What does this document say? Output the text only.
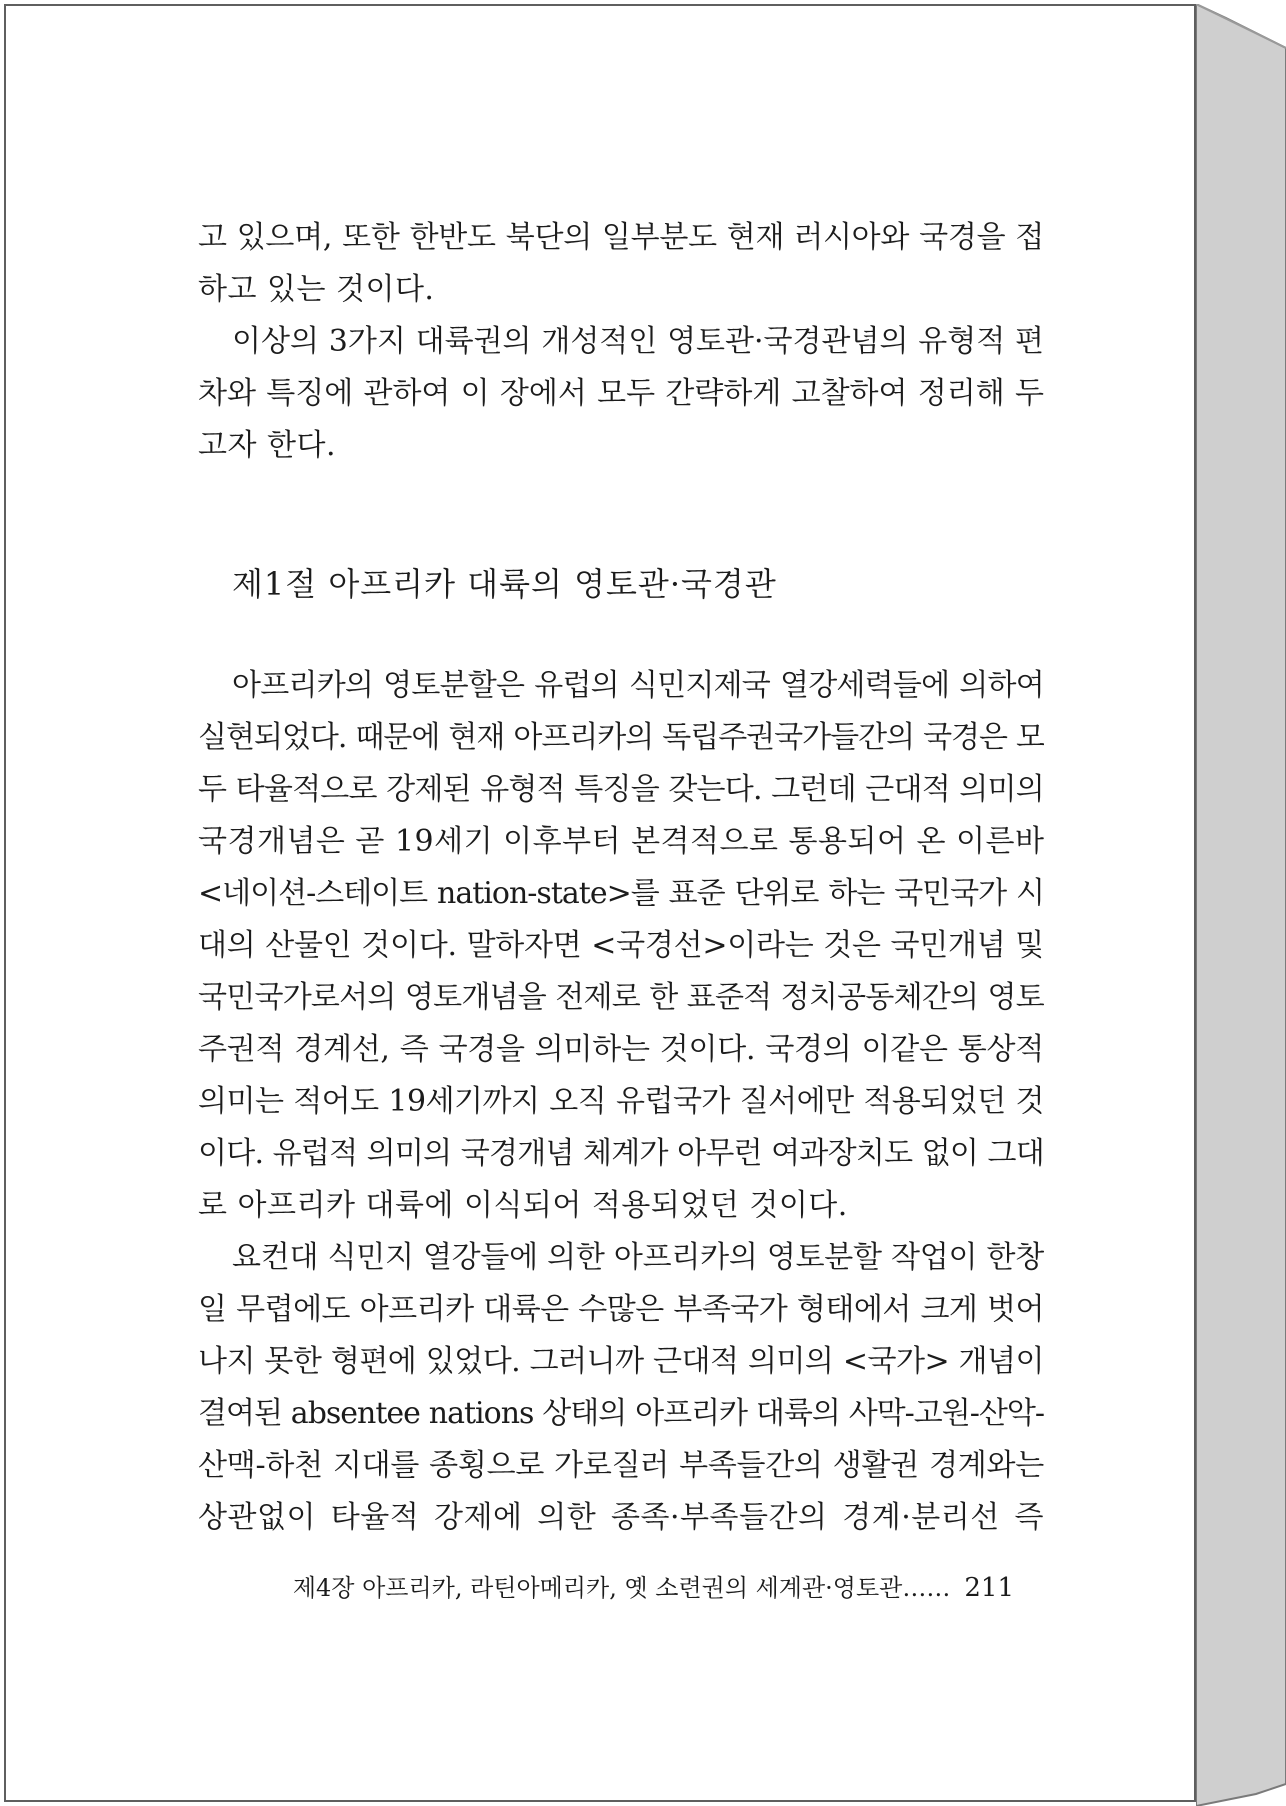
고 있으며, 또한 한반도 북단의 일부분도 현재 러시아와 국경을 접
하고 있는 것이다.
이상의 3가지 대륙권의 개성적인 영토관·국경관념의 유형적 편
차와 특징에 관하여 이 장에서 모두 간략하게 고찰하여 정리해 두
고자 한다.
제1절 아프리카 대륙의 영토관·국경관
아프리카의 영토분할은 유럽의 식민지제국 열강세력들에 의하여
실현되었다. 때문에 현재 아프리카의 독립주권국가들간의 국경은 모
두 타율적으로 강제된 유형적 특징을 갖는다. 그런데 근대적 의미의
국경개념은 곧 19세기 이후부터 본격적으로 통용되어 온 이른바
<네이션-스테이트 nation-state>를 표준 단위로 하는 국민국가 시
대의 산물인 것이다. 말하자면 <국경선>이라는 것은 국민개념 및
국민국가로서의 영토개념을 전제로 한 표준적 정치공동체간의 영토
주권적 경계선, 즉 국경을 의미하는 것이다. 국경의 이같은 통상적
의미는 적어도 19세기까지 오직 유럽국가 질서에만 적용되었던 것
이다. 유럽적 의미의 국경개념 체계가 아무런 여과장치도 없이 그대
로 아프리카 대륙에 이식되어 적용되었던 것이다.
요컨대 식민지 열강들에 의한 아프리카의 영토분할 작업이 한창
일 무렵에도 아프리카 대륙은 수많은 부족국가 형태에서 크게 벗어
나지 못한 형편에 있었다. 그러니까 근대적 의미의 <국가> 개념이
결여된 absentee nations 상태의 아프리카 대륙의 사막-고원-산악-
산맥-하천 지대를 종횡으로 가로질러 부족들간의 생활권 경계와는
상관없이 타율적 강제에 의한 종족·부족들간의 경계·분리선 즉
제4장 아프리카, 라틴아메리카, 옛 소련권의 세계관·영토관…… 211
